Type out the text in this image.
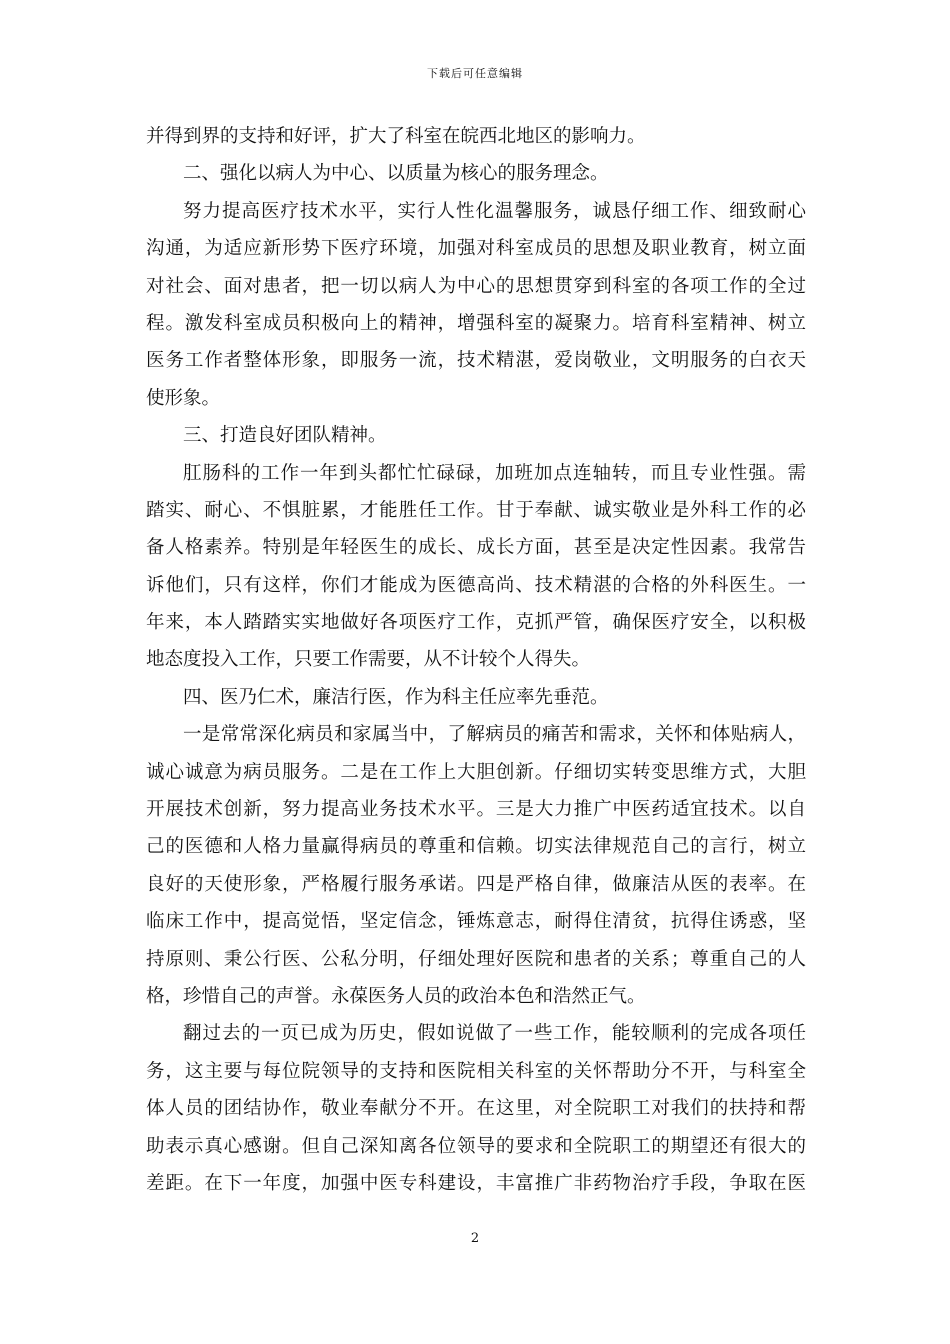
下载后可任意编辑
并得到界的支持和好评，扩大了科室在皖西北地区的影响力。
二、强化以病人为中心、以质量为核心的服务理念。
努力提高医疗技术水平，实行人性化温馨服务，诚恳仔细工作、细致耐心
沟通，为适应新形势下医疗环境，加强对科室成员的思想及职业教育，树立面
对社会、面对患者，把一切以病人为中心的思想贯穿到科室的各项工作的全过
程。激发科室成员积极向上的精神，增强科室的凝聚力。培育科室精神、树立
医务工作者整体形象，即服务一流，技术精湛，爱岗敬业，文明服务的白衣天
使形象。
三、打造良好团队精神。
肛肠科的工作一年到头都忙忙碌碌，加班加点连轴转，而且专业性强。需
踏实、耐心、不惧脏累，才能胜任工作。甘于奉献、诚实敬业是外科工作的必
备人格素养。特别是年轻医生的成长、成长方面，甚至是决定性因素。我常告
诉他们，只有这样，你们才能成为医德高尚、技术精湛的合格的外科医生。一
年来，本人踏踏实实地做好各项医疗工作，克抓严管，确保医疗安全，以积极
地态度投入工作，只要工作需要，从不计较个人得失。
四、医乃仁术，廉洁行医，作为科主任应率先垂范。
一是常常深化病员和家属当中，了解病员的痛苦和需求，关怀和体贴病人，
诚心诚意为病员服务。二是在工作上大胆创新。仔细切实转变思维方式，大胆
开展技术创新，努力提高业务技术水平。三是大力推广中医药适宜技术。以自
己的医德和人格力量赢得病员的尊重和信赖。切实法律规范自己的言行，树立
良好的天使形象，严格履行服务承诺。四是严格自律，做廉洁从医的表率。在
临床工作中，提高觉悟，坚定信念，锤炼意志，耐得住清贫，抗得住诱惑，坚
持原则、秉公行医、公私分明，仔细处理好医院和患者的关系；尊重自己的人
格，珍惜自己的声誉。永葆医务人员的政治本色和浩然正气。
翻过去的一页已成为历史，假如说做了一些工作，能较顺利的完成各项任
务，这主要与每位院领导的支持和医院相关科室的关怀帮助分不开，与科室全
体人员的团结协作，敬业奉献分不开。在这里，对全院职工对我们的扶持和帮
助表示真心感谢。但自己深知离各位领导的要求和全院职工的期望还有很大的
差距。在下一年度，加强中医专科建设，丰富推广非药物治疗手段，争取在医
2
